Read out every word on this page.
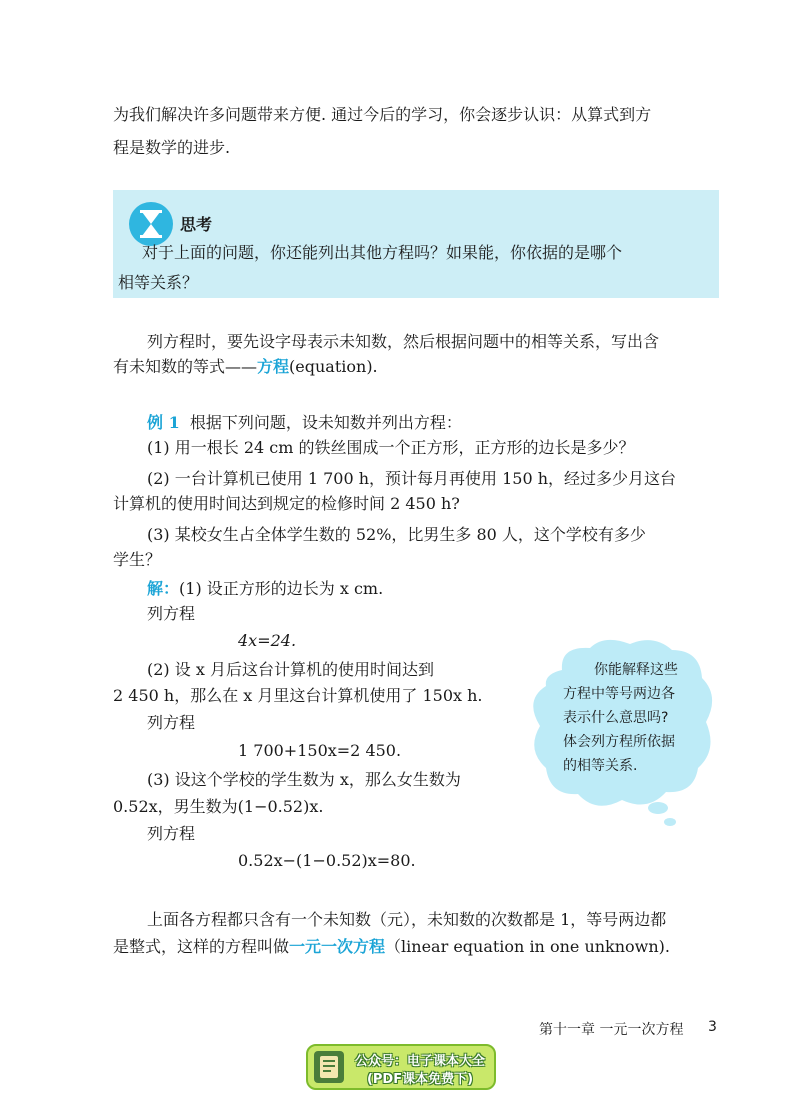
为我们解决许多问题带来方便. 通过今后的学习，你会逐步认识：从算式到方
程是数学的进步.
思考
对于上面的问题，你还能列出其他方程吗？如果能，你依据的是哪个
相等关系？
列方程时，要先设字母表示未知数，然后根据问题中的相等关系，写出含
有未知数的等式——方程(equation).
例 1 根据下列问题，设未知数并列出方程：
(1) 用一根长 24 cm 的铁丝围成一个正方形，正方形的边长是多少？
(2) 一台计算机已使用 1 700 h，预计每月再使用 150 h，经过多少月这台
计算机的使用时间达到规定的检修时间 2 450 h?
(3) 某校女生占全体学生数的 52%，比男生多 80 人，这个学校有多少
学生？
解：(1) 设正方形的边长为 x cm.
列方程
4x=24.
(2) 设 x 月后这台计算机的使用时间达到
2 450 h，那么在 x 月里这台计算机使用了 150x h.
列方程
1 700+150x=2 450.
(3) 设这个学校的学生数为 x，那么女生数为
0.52x，男生数为(1−0.52)x.
列方程
0.52x−(1−0.52)x=80.
你能解释这些
方程中等号两边各
表示什么意思吗?
体会列方程所依据
的相等关系.
上面各方程都只含有一个未知数（元），未知数的次数都是 1，等号两边都
是整式，这样的方程叫做一元一次方程（linear equation in one unknown).
第十一章 一元一次方程 3
公众号：电子课本大全
(PDF课本免费下)
